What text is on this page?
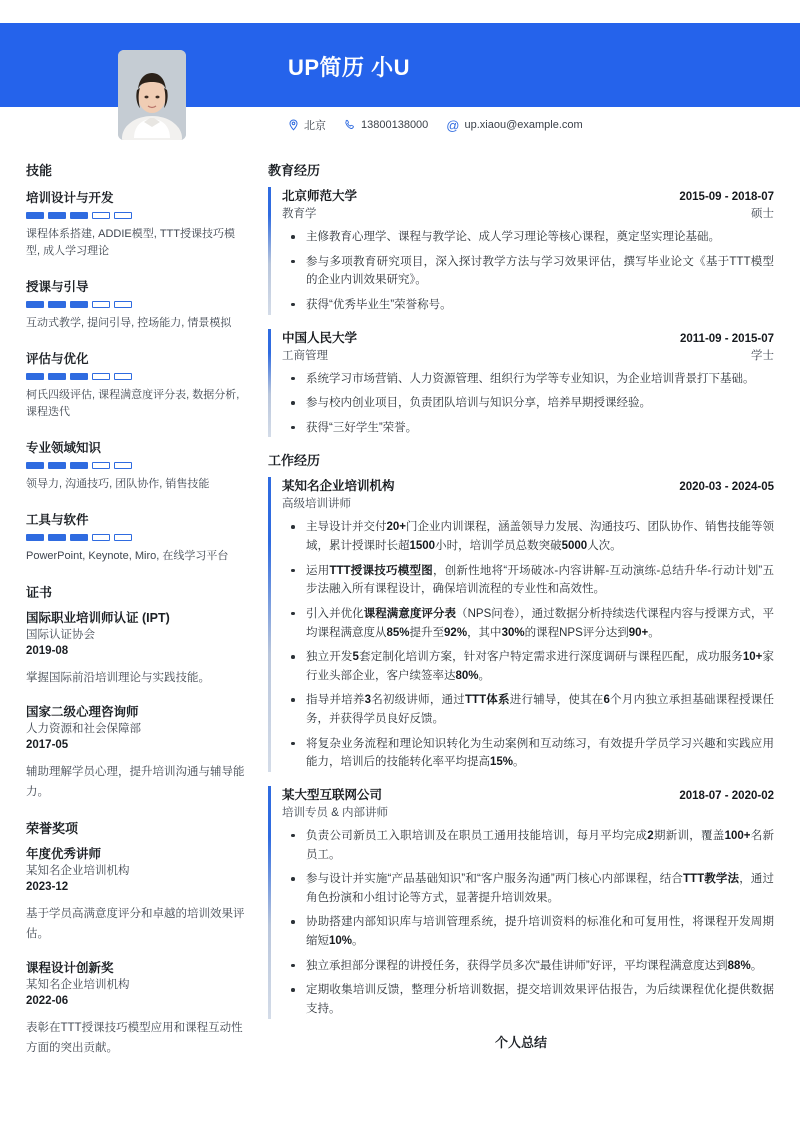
UP简历 小U
北京	13800138000 @ up.xiaou@example.com
技能
培训设计与开发
课程体系搭建, ADDIE模型, TTT授课技巧模型, 成人学习理论
授课与引导
互动式教学, 提问引导, 控场能力, 情景模拟
评估与优化
柯氏四级评估, 课程满意度评分表, 数据分析, 课程迭代
专业领域知识
领导力, 沟通技巧, 团队协作, 销售技能
工具与软件
PowerPoint, Keynote, Miro, 在线学习平台
证书
国际职业培训师认证 (IPT)
国际认证协会
2019-08
掌握国际前沿培训理论与实践技能。
国家二级心理咨询师
人力资源和社会保障部
2017-05
辅助理解学员心理，提升培训沟通与辅导能力。
荣誉奖项
年度优秀讲师
某知名企业培训机构
2023-12
基于学员高满意度评分和卓越的培训效果评估。
课程设计创新奖
某知名企业培训机构
2022-06
表彰在TTT授课技巧模型应用和课程互动性方面的突出贡献。
教育经历
北京师范大学	2015-09 - 2018-07
教育学	硕士
主修教育心理学、课程与教学论、成人学习理论等核心课程，奠定坚实理论基础。
参与多项教育研究项目，深入探讨教学方法与学习效果评估，撰写毕业论文《基于TTT模型的企业内训效果研究》。
获得“优秀毕业生”荣誉称号。
中国人民大学	2011-09 - 2015-07
工商管理	学士
系统学习市场营销、人力资源管理、组织行为学等专业知识，为企业培训背景打下基础。
参与校内创业项目，负责团队培训与知识分享，培养早期授课经验。
获得“三好学生”荣誉。
工作经历
某知名企业培训机构	2020-03 - 2024-05
高级培训讲师
主导设计并交付20+门企业内训课程，涵盖领导力发展、沟通技巧、团队协作、销售技能等领域，累计授课时长超1500小时，培训学员总数突破5000人次。
运用TTT授课技巧模型图，创新性地将“开场破冰-内容讲解-互动演练-总结升华-行动计划”五步法融入所有课程设计，确保培训流程的专业性和高效性。
引入并优化课程满意度评分表（NPS问卷），通过数据分析持续迭代课程内容与授课方式，平均课程满意度从85%提升至92%，其中30%的课程NPS评分达到90+。
独立开发5套定制化培训方案，针对客户特定需求进行深度调研与课程匹配，成功服务10+家行业头部企业，客户续签率达80%。
指导并培养3名初级讲师，通过TTT体系进行辅导，使其在6个月内独立承担基础课程授课任务，并获得学员良好反馈。
将复杂业务流程和理论知识转化为生动案例和互动练习，有效提升学员学习兴趣和实践应用能力，培训后的技能转化率平均提高15%。
某大型互联网公司	2018-07 - 2020-02
培训专员 & 内部讲师
负责公司新员工入职培训及在职员工通用技能培训，每月平均完成2期新训，覆盖100+名新员工。
参与设计并实施“产品基础知识”和“客户服务沟通”两门核心内部课程，结合TTT教学法，通过角色扮演和小组讨论等方式，显著提升培训效果。
协助搭建内部知识库与培训管理系统，提升培训资料的标准化和可复用性，将课程开发周期缩短10%。
独立承担部分课程的讲授任务，获得学员多次“最佳讲师”好评，平均课程满意度达到88%。
定期收集培训反馈，整理分析培训数据，提交培训效果评估报告，为后续课程优化提供数据支持。
个人总结
